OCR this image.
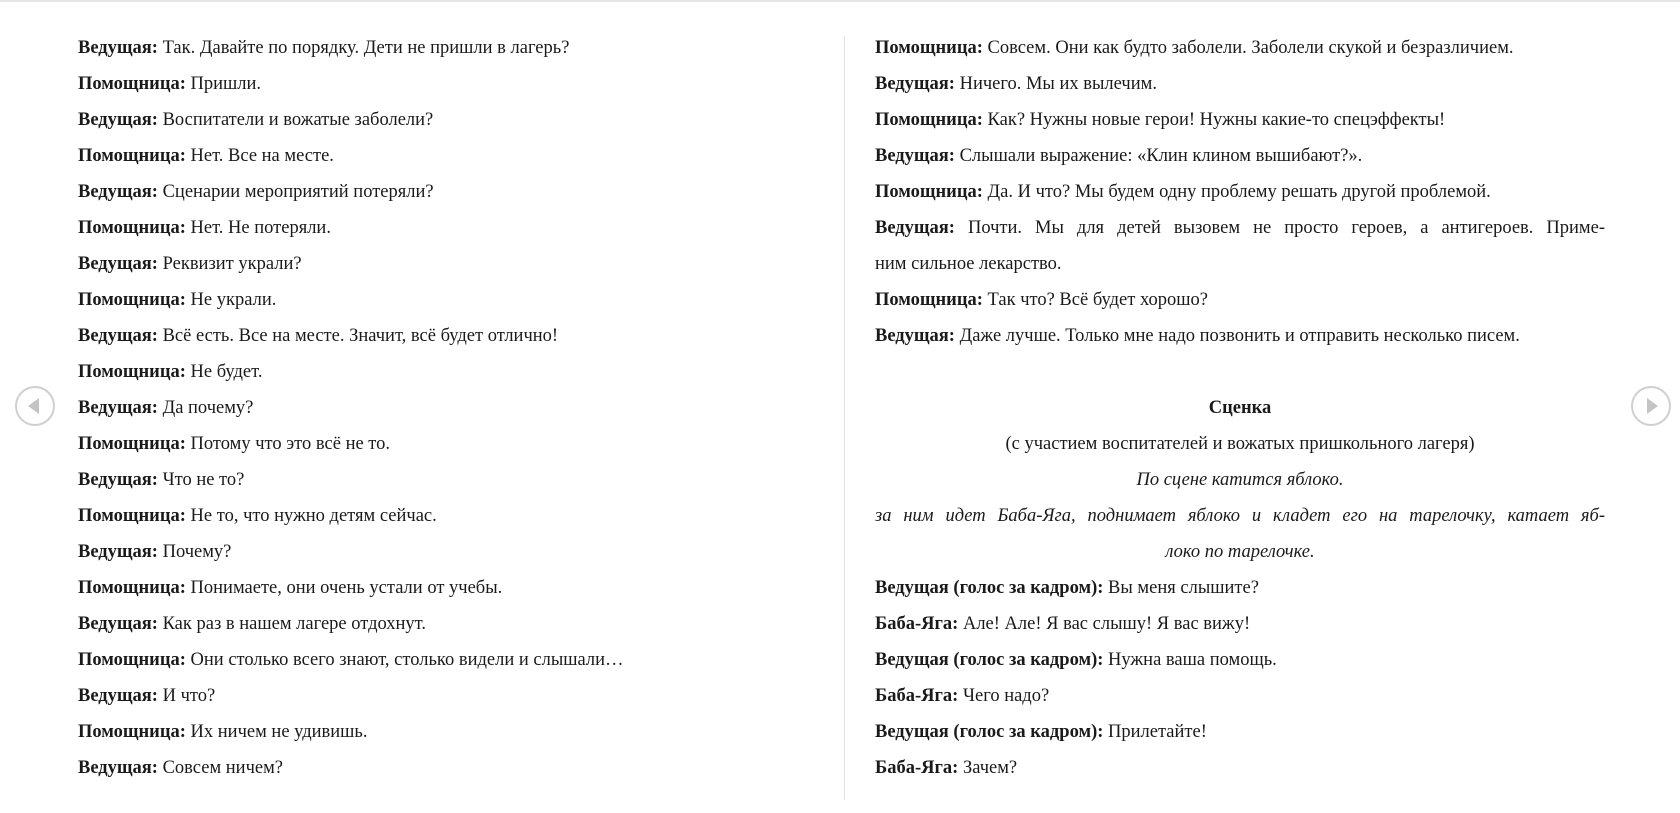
Ведущая: Так. Давайте по порядку. Дети не пришли в лагерь?
Помощница: Пришли.
Ведущая: Воспитатели и вожатые заболели?
Помощница: Нет. Все на месте.
Ведущая: Сценарии мероприятий потеряли?
Помощница: Нет. Не потеряли.
Ведущая: Реквизит украли?
Помощница: Не украли.
Ведущая: Всё есть. Все на месте. Значит, всё будет отлично!
Помощница: Не будет.
Ведущая: Да почему?
Помощница: Потому что это всё не то.
Ведущая: Что не то?
Помощница: Не то, что нужно детям сейчас.
Ведущая: Почему?
Помощница: Понимаете, они очень устали от учебы.
Ведущая: Как раз в нашем лагере отдохнут.
Помощница: Они столько всего знают, столько видели и слышали…
Ведущая: И что?
Помощница: Их ничем не удивишь.
Ведущая: Совсем ничем?
Помощница: Совсем. Они как будто заболели. Заболели скукой и безразличием.
Ведущая: Ничего. Мы их вылечим.
Помощница: Как? Нужны новые герои! Нужны какие-то спецэффекты!
Ведущая: Слышали выражение: «Клин клином вышибают?».
Помощница: Да. И что? Мы будем одну проблему решать другой проблемой.
Ведущая: Почти. Мы для детей вызовем не просто героев, а антигероев. Приме-
ним сильное лекарство.
Помощница: Так что? Всё будет хорошо?
Ведущая: Даже лучше. Только мне надо позвонить и отправить несколько писем.
Сценка
(с участием воспитателей и вожатых пришкольного лагеря)
По сцене катится яблоко.
за ним идет Баба-Яга, поднимает яблоко и кладет его на тарелочку, катает яб-
локо по тарелочке.
Ведущая (голос за кадром): Вы меня слышите?
Баба-Яга: Але! Але! Я вас слышу! Я вас вижу!
Ведущая (голос за кадром): Нужна ваша помощь.
Баба-Яга: Чего надо?
Ведущая (голос за кадром): Прилетайте!
Баба-Яга: Зачем?
